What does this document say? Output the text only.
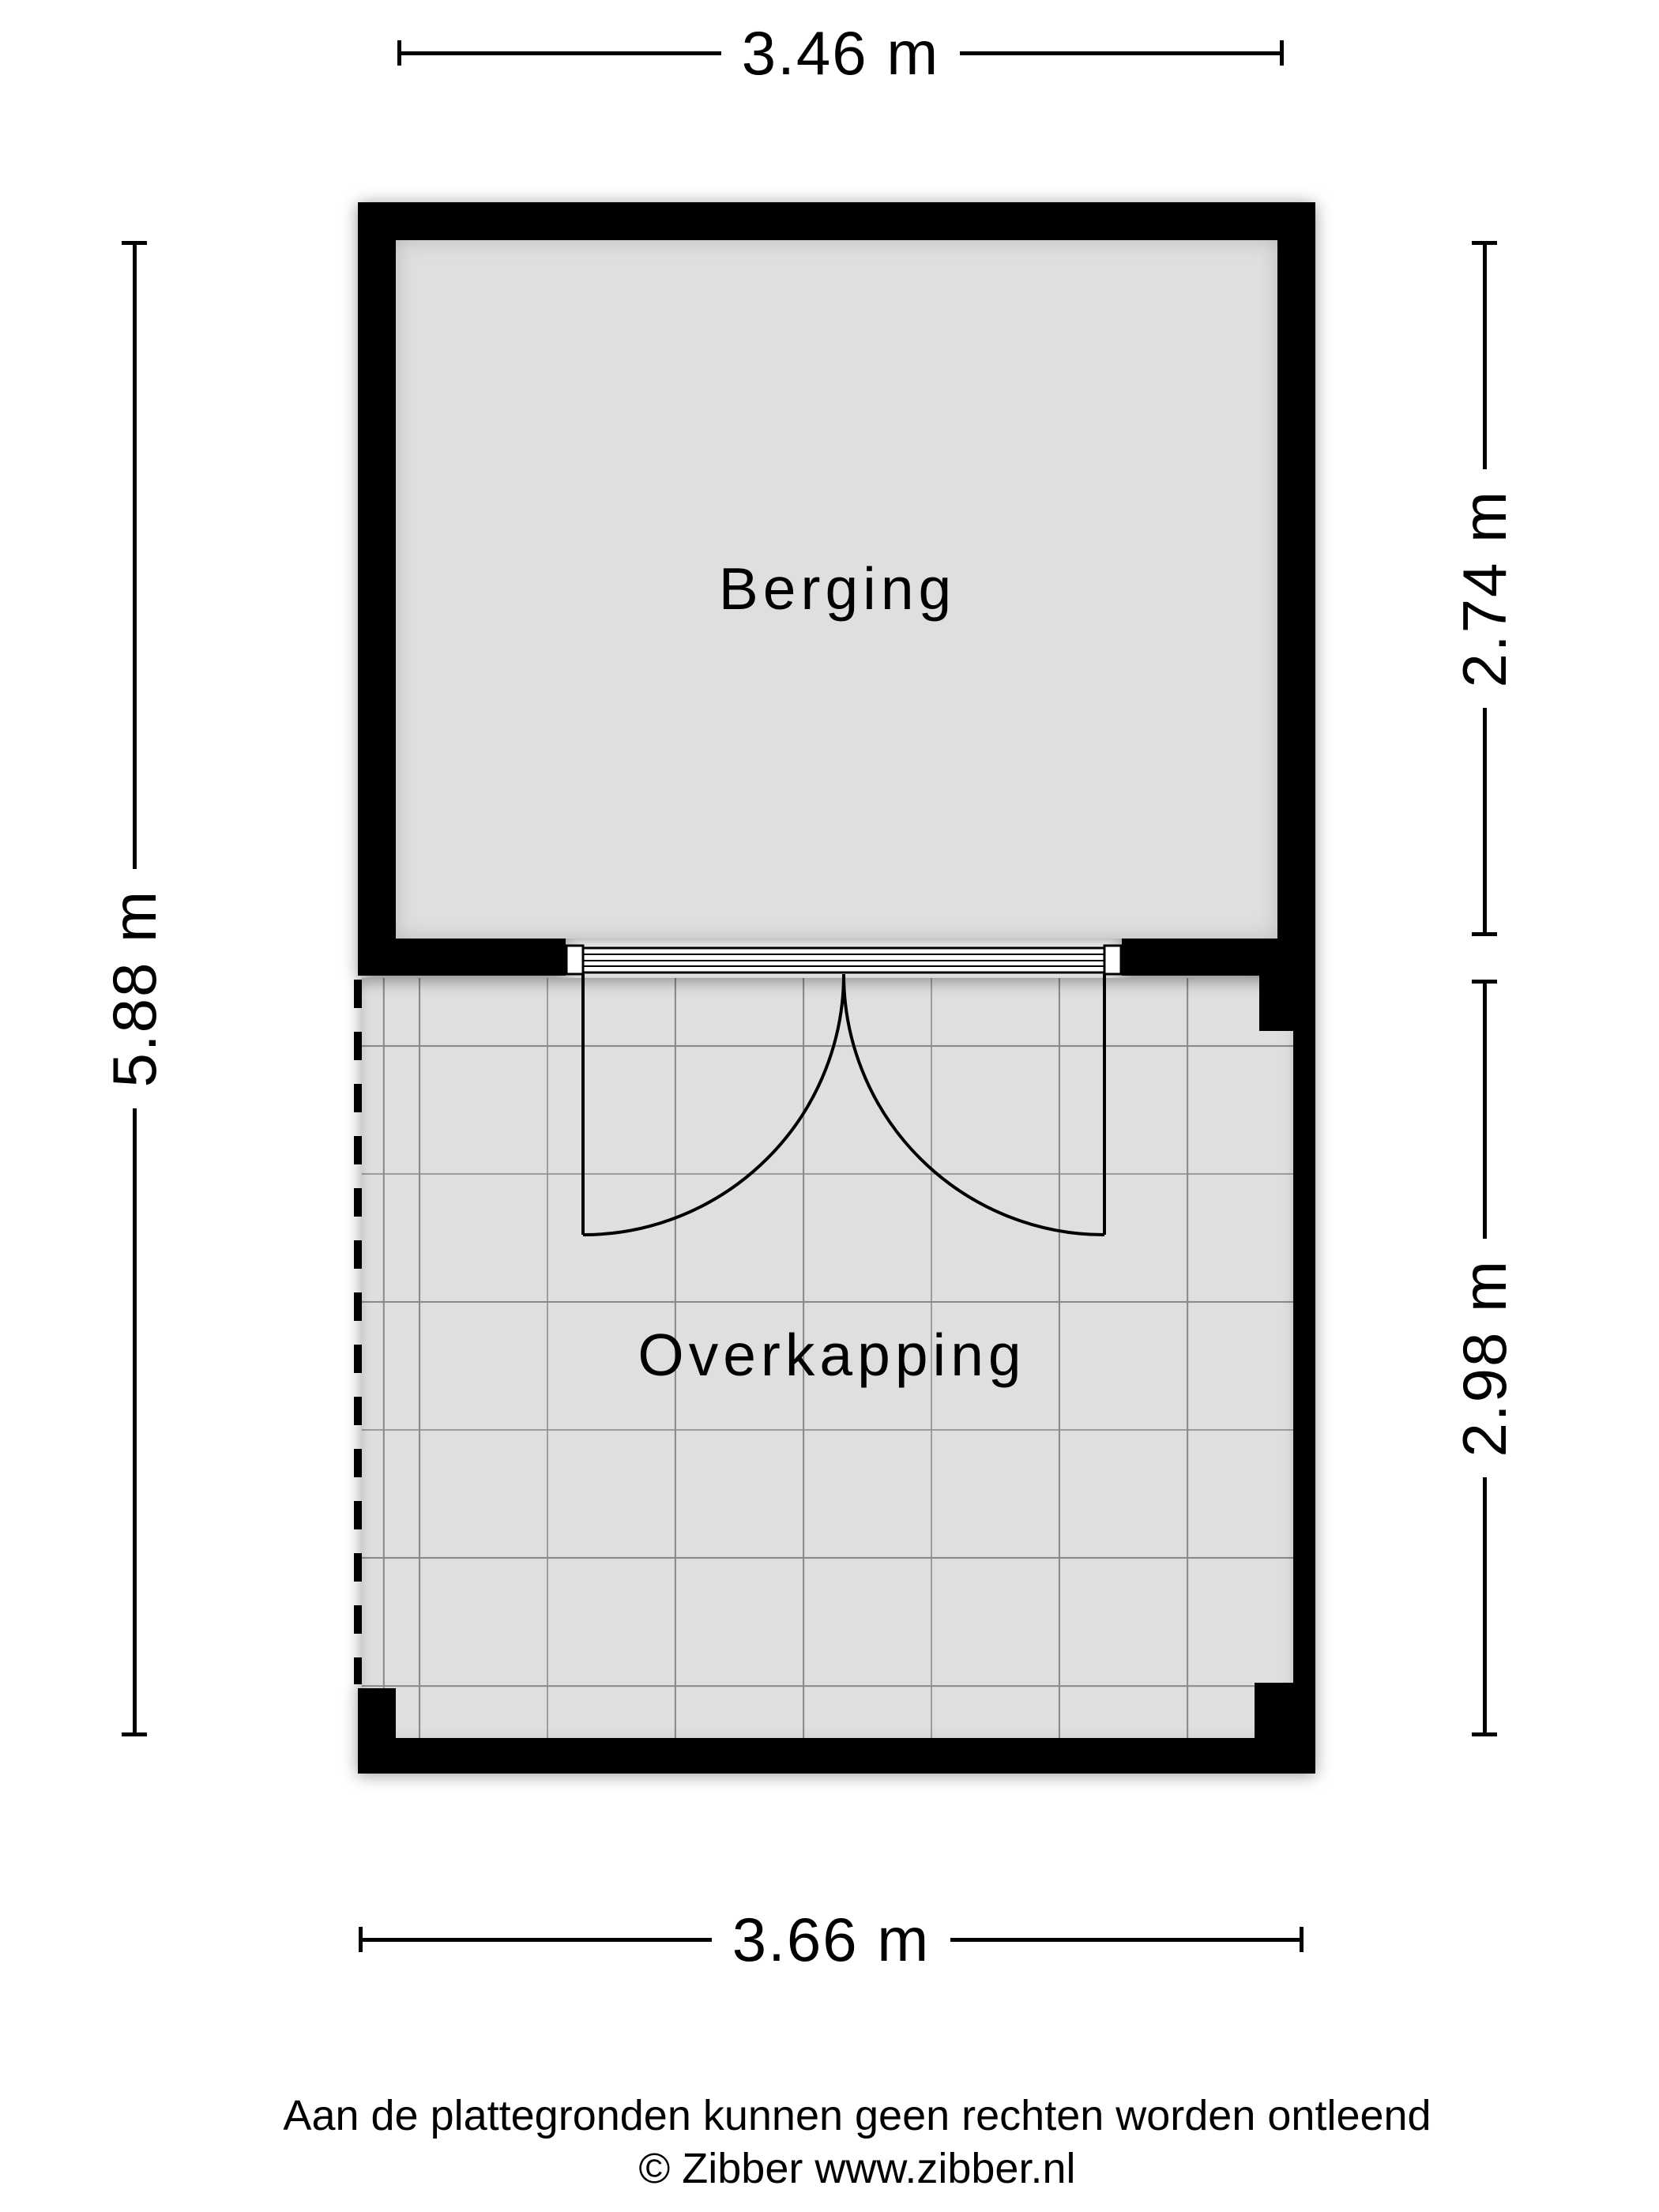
Berging
Overkapping
3.46 m
3.66 m
5.88 m
2.74 m
2.98 m
Aan de plattegronden kunnen geen rechten worden ontleend
© Zibber www.zibber.nl
